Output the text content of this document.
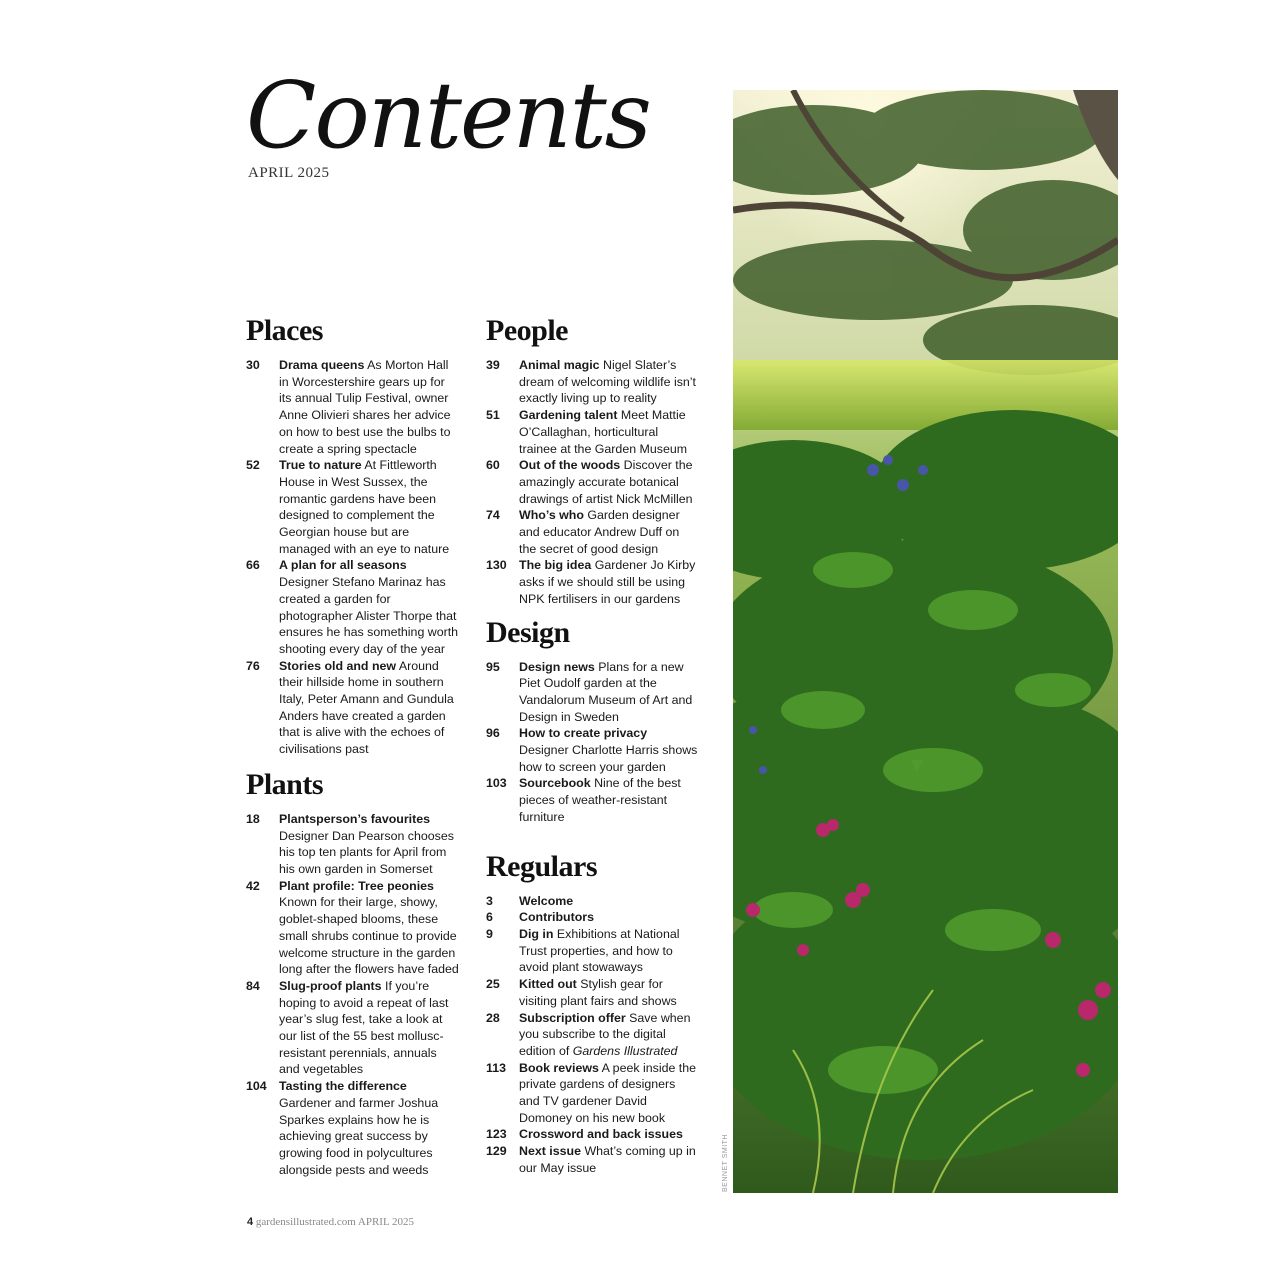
Contents
APRIL 2025
Places
30	Drama queens As Morton Hall in Worcestershire gears up for its annual Tulip Festival, owner Anne Olivieri shares her advice on how to best use the bulbs to create a spring spectacle
52	True to nature At Fittleworth House in West Sussex, the romantic gardens have been designed to complement the Georgian house but are managed with an eye to nature
66	A plan for all seasons Designer Stefano Marinaz has created a garden for photographer Alister Thorpe that ensures he has something worth shooting every day of the year
76	Stories old and new Around their hillside home in southern Italy, Peter Amann and Gundula Anders have created a garden that is alive with the echoes of civilisations past
Plants
18	Plantsperson’s favourites Designer Dan Pearson chooses his top ten plants for April from his own garden in Somerset
42	Plant profile: Tree peonies Known for their large, showy, goblet-shaped blooms, these small shrubs continue to provide welcome structure in the garden long after the flowers have faded
84	Slug-proof plants If you’re hoping to avoid a repeat of last year’s slug fest, take a look at our list of the 55 best mollusc-resistant perennials, annuals and vegetables
104 Tasting the difference Gardener and farmer Joshua Sparkes explains how he is achieving great success by growing food in polycultures alongside pests and weeds
People
39	Animal magic Nigel Slater’s dream of welcoming wildlife isn’t exactly living up to reality
51	Gardening talent Meet Mattie O’Callaghan, horticultural trainee at the Garden Museum
60	Out of the woods Discover the amazingly accurate botanical drawings of artist Nick McMillen
74	Who’s who Garden designer and educator Andrew Duff on the secret of good design
130 The big idea Gardener Jo Kirby asks if we should still be using NPK fertilisers in our gardens
Design
95	Design news Plans for a new Piet Oudolf garden at the Vandalorum Museum of Art and Design in Sweden
96	How to create privacy Designer Charlotte Harris shows how to screen your garden
103 Sourcebook Nine of the best pieces of weather-resistant furniture
Regulars
3	Welcome
6	Contributors
9	Dig in Exhibitions at National Trust properties, and how to avoid plant stowaways
25	Kitted out Stylish gear for visiting plant fairs and shows
28	Subscription offer Save when you subscribe to the digital edition of Gardens Illustrated
113	Book reviews A peek inside the private gardens of designers and TV gardener David Domoney on his new book
123 Crossword and back issues
129 Next issue What’s coming up in our May issue	BENNET SMITH
4 gardensillustrated.com APRIL 2025
